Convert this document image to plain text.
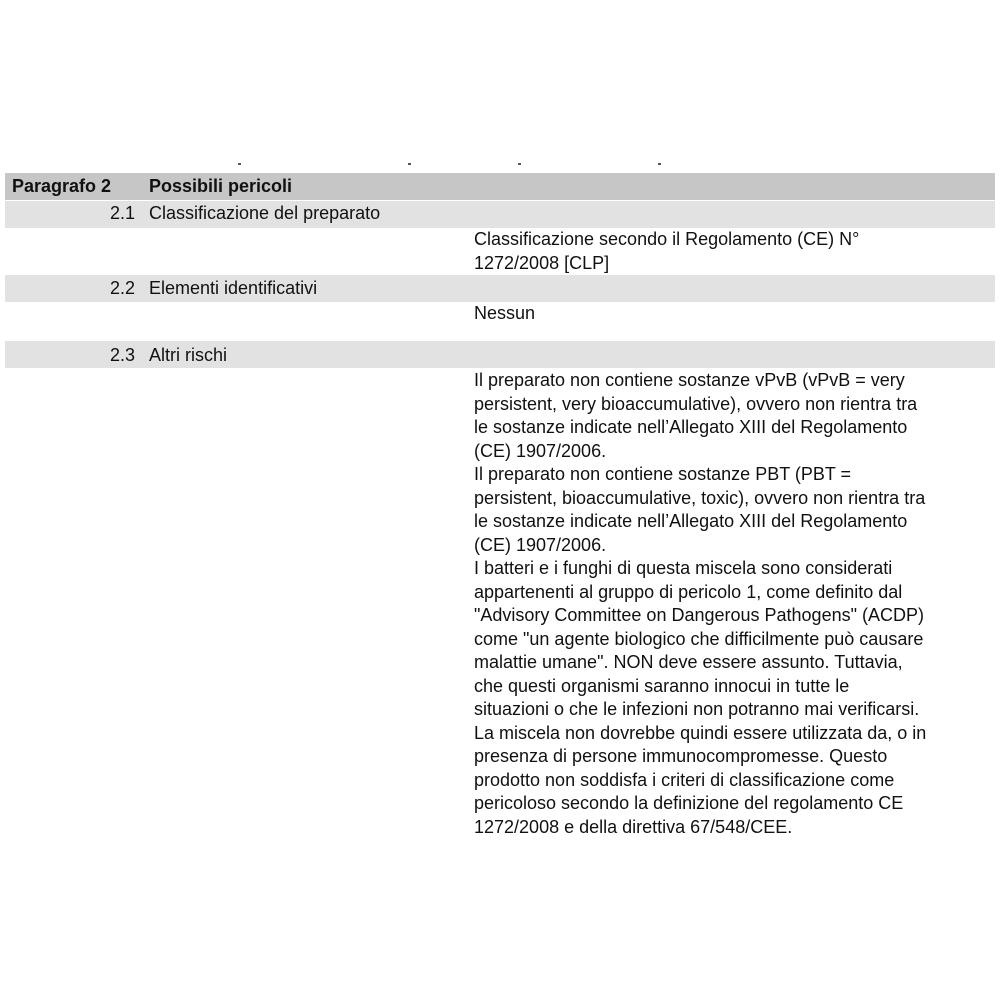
Paragrafo 2 Possibili pericoli
2.1 Classificazione del preparato
Classificazione secondo il Regolamento (CE) N°
1272/2008 [CLP]
2.2 Elementi identificativi
Nessun
2.3 Altri rischi
Il preparato non contiene sostanze vPvB (vPvB = very
persistent, very bioaccumulative), ovvero non rientra tra
le sostanze indicate nell’Allegato XIII del Regolamento
(CE) 1907/2006.
Il preparato non contiene sostanze PBT (PBT =
persistent, bioaccumulative, toxic), ovvero non rientra tra
le sostanze indicate nell’Allegato XIII del Regolamento
(CE) 1907/2006.
I batteri e i funghi di questa miscela sono considerati
appartenenti al gruppo di pericolo 1, come definito dal
"Advisory Committee on Dangerous Pathogens" (ACDP)
come "un agente biologico che difficilmente può causare
malattie umane". NON deve essere assunto. Tuttavia,
che questi organismi saranno innocui in tutte le
situazioni o che le infezioni non potranno mai verificarsi.
La miscela non dovrebbe quindi essere utilizzata da, o in
presenza di persone immunocompromesse. Questo
prodotto non soddisfa i criteri di classificazione come
pericoloso secondo la definizione del regolamento CE
1272/2008 e della direttiva 67/548/CEE.
